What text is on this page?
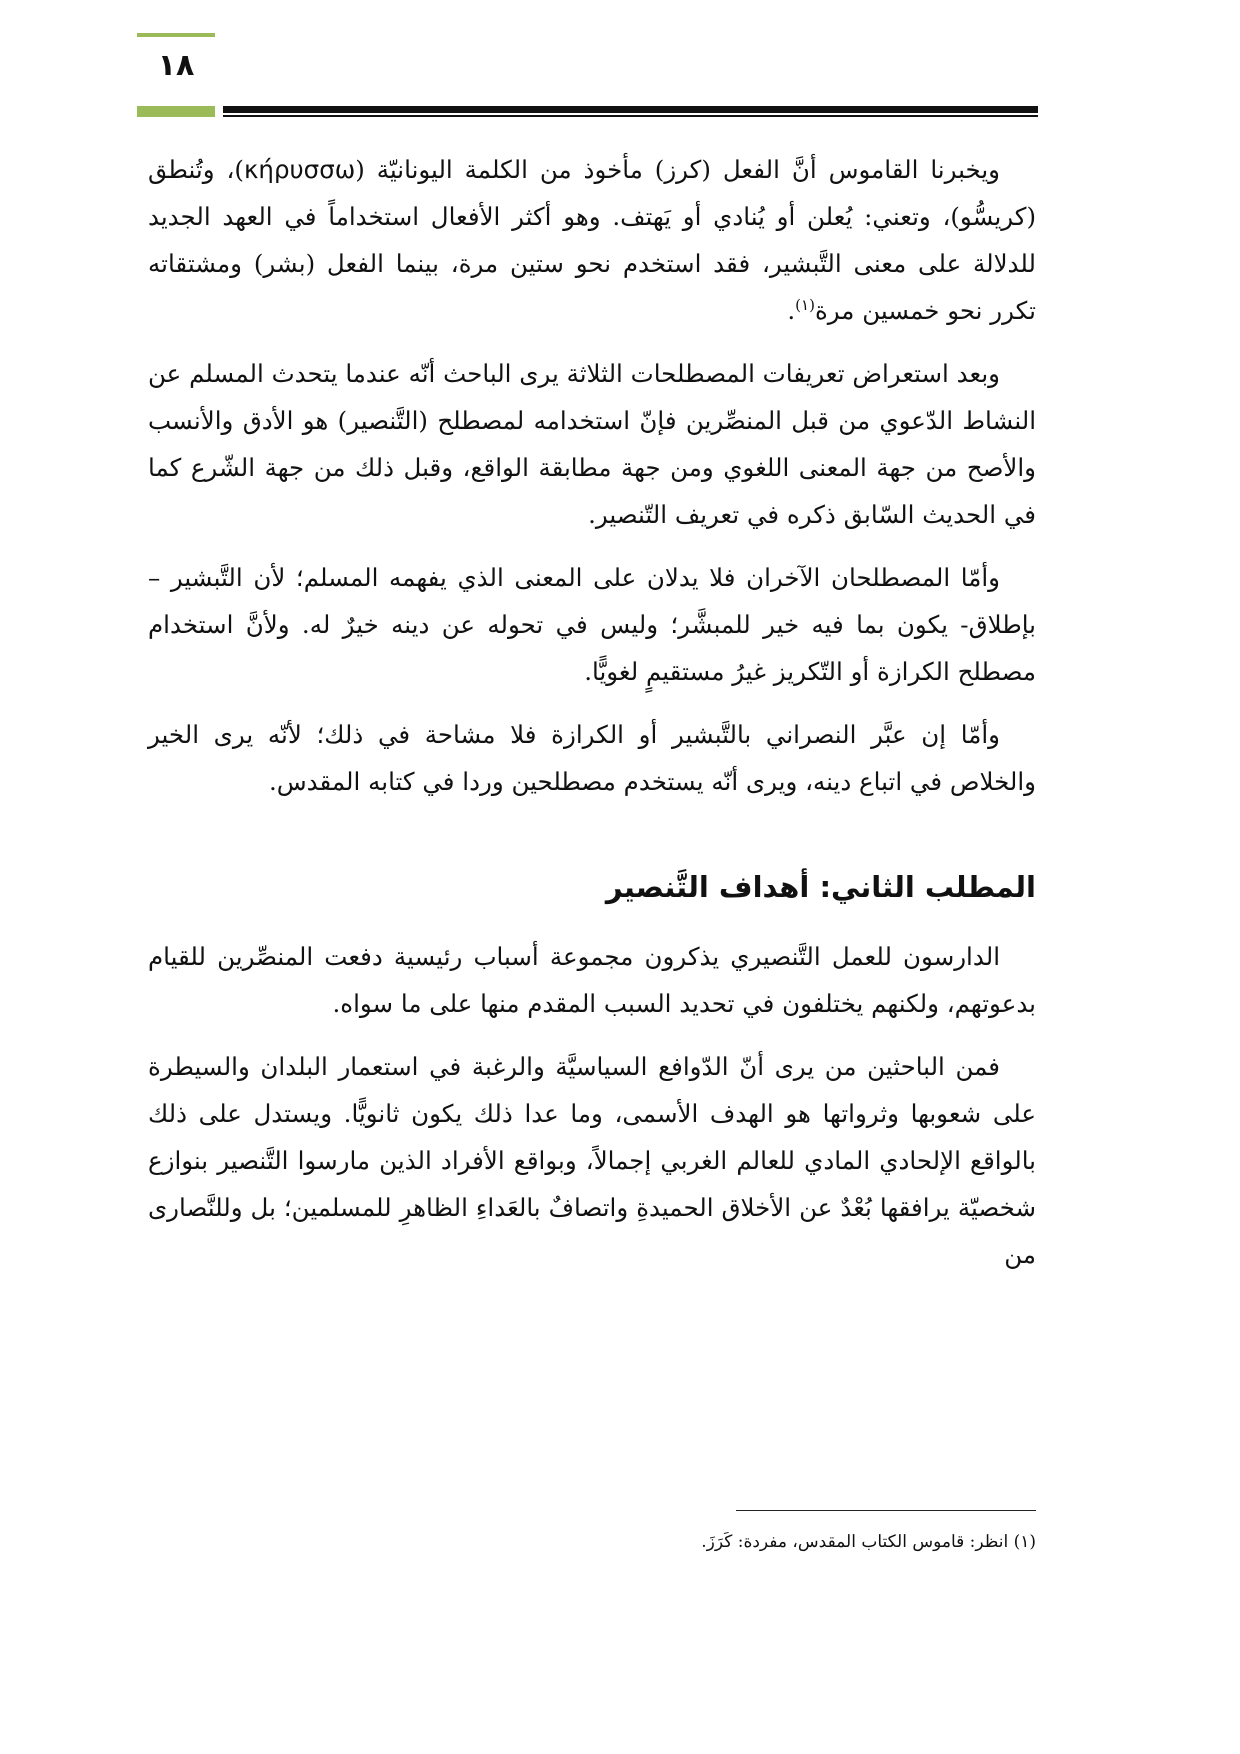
١٨

ويخبرنا القاموس أنَّ الفعل (كرز) مأخوذ من الكلمة اليونانيّة (κήρυσσω)، وتُنطق (كريسُّو)، وتعني: يُعلن أو يُنادي أو يَهتف. وهو أكثر الأفعال استخداماً في العهد الجديد للدلالة على معنى التَّبشير، فقد استخدم نحو ستين مرة، بينما الفعل (بشر) ومشتقاته تكرر نحو خمسين مرة$^{(١)}$.

وبعد استعراض تعريفات المصطلحات الثلاثة يرى الباحث أنّه عندما يتحدث المسلم عن النشاط الدّعوي من قبل المنصِّرين فإنّ استخدامه لمصطلح (التَّنصير) هو الأدق والأنسب والأصح من جهة المعنى اللغوي ومن جهة مطابقة الواقع، وقبل ذلك من جهة الشّرع كما في الحديث السّابق ذكره في تعريف التّنصير.

وأمّا المصطلحان الآخران فلا يدلان على المعنى الذي يفهمه المسلم؛ لأن التَّبشير – بإطلاق- يكون بما فيه خير للمبشَّر؛ وليس في تحوله عن دينه خيرٌ له. ولأنَّ استخدام مصطلح الكرازة أو التّكريز غيرُ مستقيمٍ لغويًّا.

وأمّا إن عبَّر النصراني بالتَّبشير أو الكرازة فلا مشاحة في ذلك؛ لأنّه يرى الخير والخلاص في اتباع دينه، ويرى أنّه يستخدم مصطلحين وردا في كتابه المقدس.

المطلب الثاني: أهداف التَّنصير

الدارسون للعمل التَّنصيري يذكرون مجموعة أسباب رئيسية دفعت المنصِّرين للقيام بدعوتهم، ولكنهم يختلفون في تحديد السبب المقدم منها على ما سواه.

فمن الباحثين من يرى أنّ الدّوافع السياسيَّة والرغبة في استعمار البلدان والسيطرة على شعوبها وثرواتها هو الهدف الأسمى، وما عدا ذلك يكون ثانويًّا. ويستدل على ذلك بالواقع الإلحادي المادي للعالم الغربي إجمالاً، وبواقع الأفراد الذين مارسوا التَّنصير بنوازع شخصيّة يرافقها بُعْدٌ عن الأخلاق الحميدةِ واتصافٌ بالعَداءِ الظاهرِ للمسلمين؛ بل وللنَّصارى من

(١) انظر: قاموس الكتاب المقدس، مفردة: كَرَزَ.
